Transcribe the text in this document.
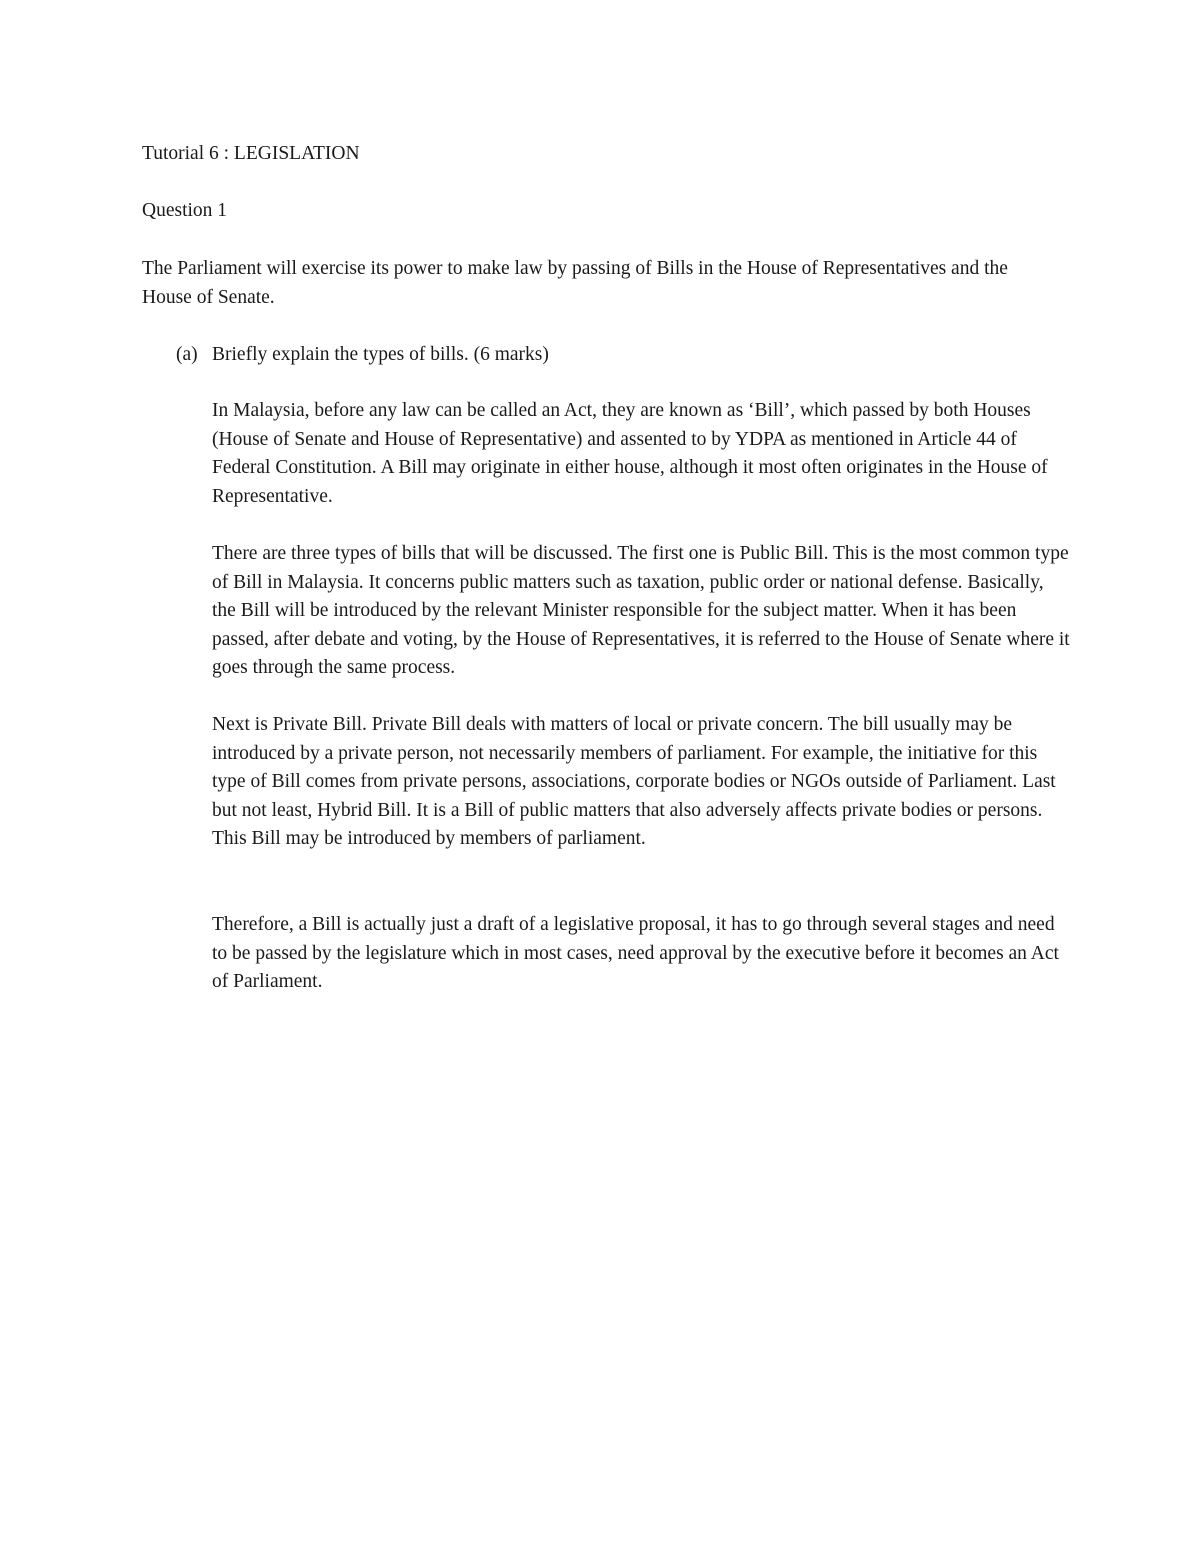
Tutorial 6 : LEGISLATION

Question 1

The Parliament will exercise its power to make law by passing of Bills in the House of Representatives and the House of Senate.

(a) Briefly explain the types of bills. (6 marks)

In Malaysia, before any law can be called an Act, they are known as ‘Bill’, which passed by both Houses (House of Senate and House of Representative) and assented to by YDPA as mentioned in Article 44 of Federal Constitution. A Bill may originate in either house, although it most often originates in the House of Representative.

There are three types of bills that will be discussed. The first one is Public Bill. This is the most common type of Bill in Malaysia. It concerns public matters such as taxation, public order or national defense. Basically, the Bill will be introduced by the relevant Minister responsible for the subject matter. When it has been passed, after debate and voting, by the House of Representatives, it is referred to the House of Senate where it goes through the same process.

Next is Private Bill. Private Bill deals with matters of local or private concern. The bill usually may be introduced by a private person, not necessarily members of parliament. For example, the initiative for this type of Bill comes from private persons, associations, corporate bodies or NGOs outside of Parliament. Last but not least, Hybrid Bill. It is a Bill of public matters that also adversely affects private bodies or persons. This Bill may be introduced by members of parliament.

Therefore, a Bill is actually just a draft of a legislative proposal, it has to go through several stages and need to be passed by the legislature which in most cases, need approval by the executive before it becomes an Act of Parliament.
